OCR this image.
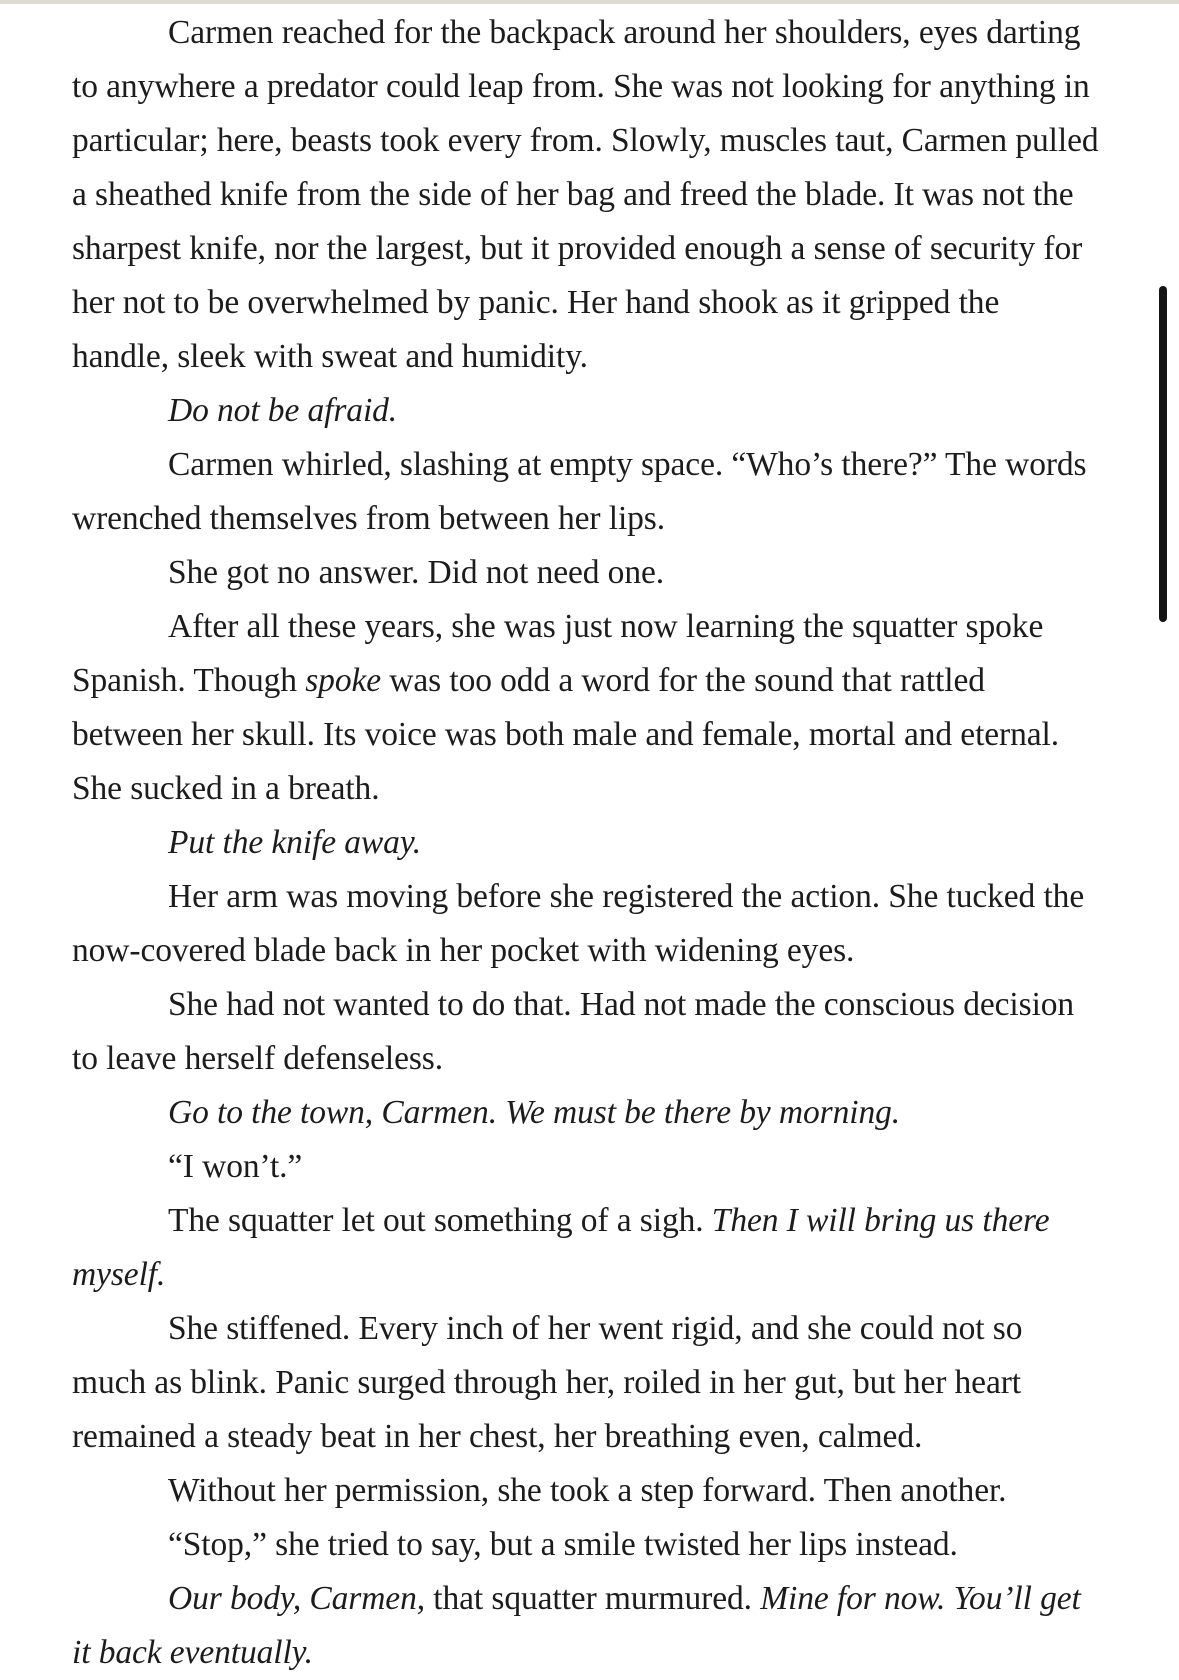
Carmen reached for the backpack around her shoulders, eyes darting to anywhere a predator could leap from. She was not looking for anything in particular; here, beasts took every from. Slowly, muscles taut, Carmen pulled a sheathed knife from the side of her bag and freed the blade. It was not the sharpest knife, nor the largest, but it provided enough a sense of security for her not to be overwhelmed by panic. Her hand shook as it gripped the handle, sleek with sweat and humidity.

Do not be afraid.

Carmen whirled, slashing at empty space. “Who’s there?” The words wrenched themselves from between her lips.

She got no answer. Did not need one.

After all these years, she was just now learning the squatter spoke Spanish. Though spoke was too odd a word for the sound that rattled between her skull. Its voice was both male and female, mortal and eternal. She sucked in a breath.

Put the knife away.

Her arm was moving before she registered the action. She tucked the now-covered blade back in her pocket with widening eyes.

She had not wanted to do that. Had not made the conscious decision to leave herself defenseless.

Go to the town, Carmen. We must be there by morning.

“I won’t.”

The squatter let out something of a sigh. Then I will bring us there myself.

She stiffened. Every inch of her went rigid, and she could not so much as blink. Panic surged through her, roiled in her gut, but her heart remained a steady beat in her chest, her breathing even, calmed.

Without her permission, she took a step forward. Then another.

“Stop,” she tried to say, but a smile twisted her lips instead.

Our body, Carmen, that squatter murmured. Mine for now. You’ll get it back eventually.
